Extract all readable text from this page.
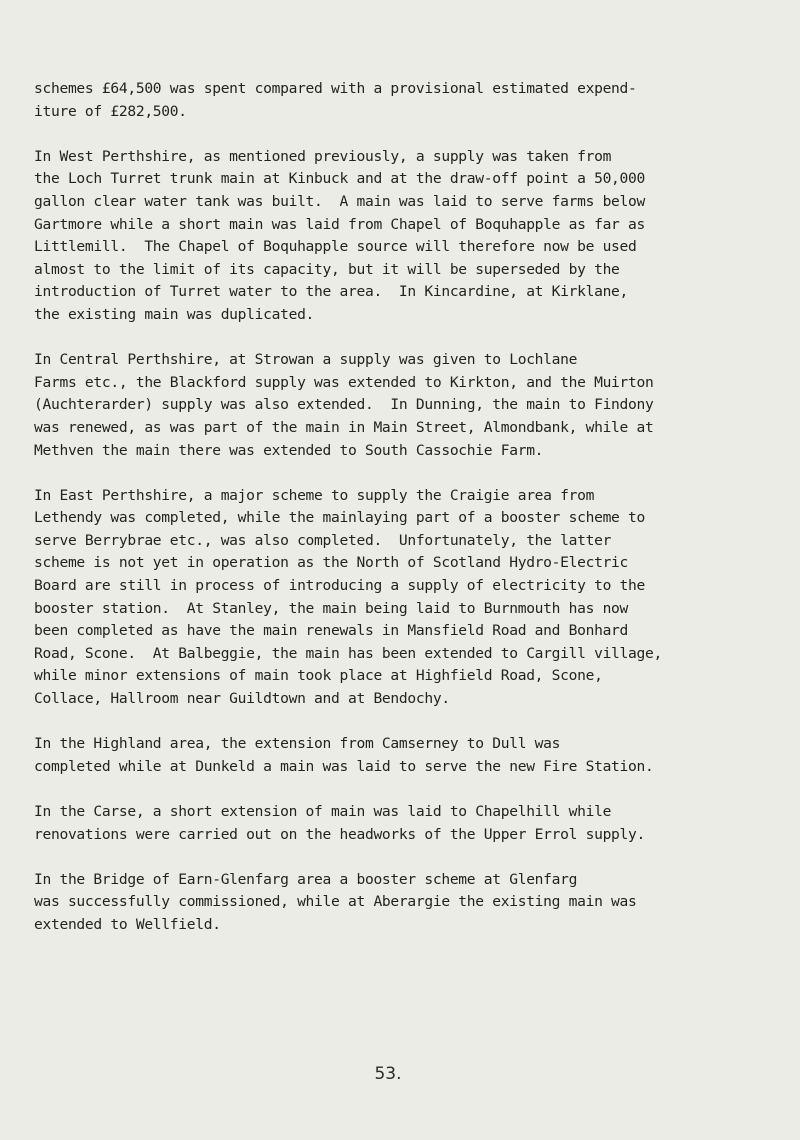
schemes £64,500 was spent compared with a provisional estimated expend-
iture of £282,500.
In West Perthshire, as mentioned previously, a supply was taken from
the Loch Turret trunk main at Kinbuck and at the draw-off point a 50,000
gallon clear water tank was built.  A main was laid to serve farms below
Gartmore while a short main was laid from Chapel of Boquhapple as far as
Littlemill.  The Chapel of Boquhapple source will therefore now be used
almost to the limit of its capacity, but it will be superseded by the
introduction of Turret water to the area.  In Kincardine, at Kirklane,
the existing main was duplicated.
In Central Perthshire, at Strowan a supply was given to Lochlane
Farms etc., the Blackford supply was extended to Kirkton, and the Muirton
(Auchterarder) supply was also extended.  In Dunning, the main to Findony
was renewed, as was part of the main in Main Street, Almondbank, while at
Methven the main there was extended to South Cassochie Farm.
In East Perthshire, a major scheme to supply the Craigie area from
Lethendy was completed, while the mainlaying part of a booster scheme to
serve Berrybrae etc., was also completed.  Unfortunately, the latter
scheme is not yet in operation as the North of Scotland Hydro-Electric
Board are still in process of introducing a supply of electricity to the
booster station.  At Stanley, the main being laid to Burnmouth has now
been completed as have the main renewals in Mansfield Road and Bonhard
Road, Scone.  At Balbeggie, the main has been extended to Cargill village,
while minor extensions of main took place at Highfield Road, Scone,
Collace, Hallroom near Guildtown and at Bendochy.
In the Highland area, the extension from Camserney to Dull was
completed while at Dunkeld a main was laid to serve the new Fire Station.
In the Carse, a short extension of main was laid to Chapelhill while
renovations were carried out on the headworks of the Upper Errol supply.
In the Bridge of Earn-Glenfarg area a booster scheme at Glenfarg
was successfully commissioned, while at Aberargie the existing main was
extended to Wellfield.
53.
